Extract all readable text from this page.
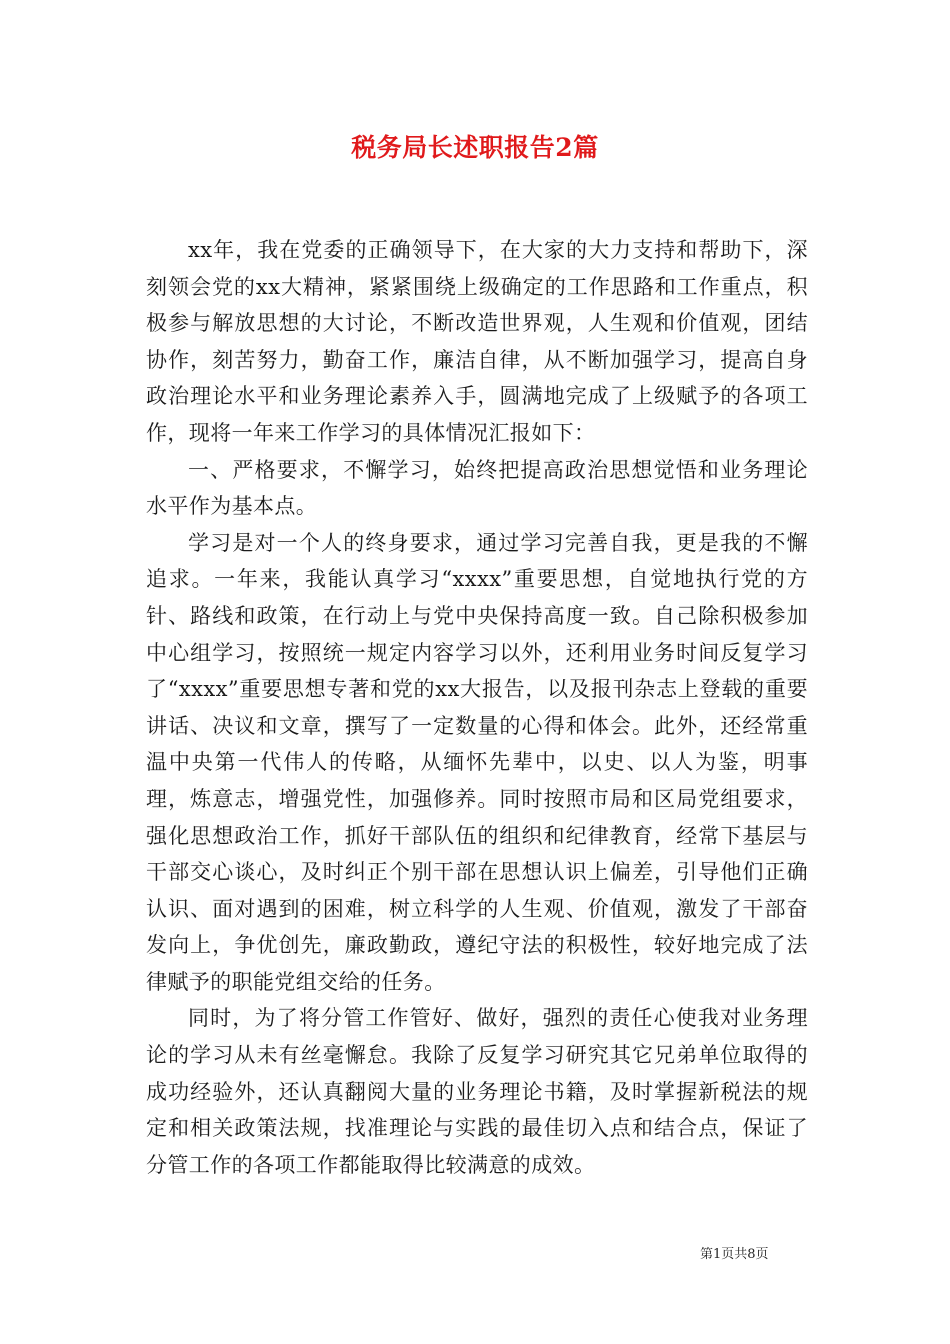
税务局长述职报告2篇

xx年，我在党委的正确领导下，在大家的大力支持和帮助下，深刻领会党的xx大精神，紧紧围绕上级确定的工作思路和工作重点，积极参与解放思想的大讨论，不断改造世界观，人生观和价值观，团结协作，刻苦努力，勤奋工作，廉洁自律，从不断加强学习，提高自身政治理论水平和业务理论素养入手，圆满地完成了上级赋予的各项工作，现将一年来工作学习的具体情况汇报如下：

一、严格要求，不懈学习，始终把提高政治思想觉悟和业务理论水平作为基本点。

学习是对一个人的终身要求，通过学习完善自我，更是我的不懈追求。一年来，我能认真学习“xxxx”重要思想，自觉地执行党的方针、路线和政策，在行动上与党中央保持高度一致。自己除积极参加中心组学习，按照统一规定内容学习以外，还利用业务时间反复学习了“xxxx”重要思想专著和党的xx大报告，以及报刊杂志上登载的重要讲话、决议和文章，撰写了一定数量的心得和体会。此外，还经常重温中央第一代伟人的传略，从缅怀先辈中，以史、以人为鉴，明事理，炼意志，增强党性，加强修养。同时按照市局和区局党组要求，强化思想政治工作，抓好干部队伍的组织和纪律教育，经常下基层与干部交心谈心，及时纠正个别干部在思想认识上偏差，引导他们正确认识、面对遇到的困难，树立科学的人生观、价值观，激发了干部奋发向上，争优创先，廉政勤政，遵纪守法的积极性，较好地完成了法律赋予的职能党组交给的任务。

同时，为了将分管工作管好、做好，强烈的责任心使我对业务理论的学习从未有丝毫懈怠。我除了反复学习研究其它兄弟单位取得的成功经验外，还认真翻阅大量的业务理论书籍，及时掌握新税法的规定和相关政策法规，找准理论与实践的最佳切入点和结合点，保证了分管工作的各项工作都能取得比较满意的成效。

第1页共8页
